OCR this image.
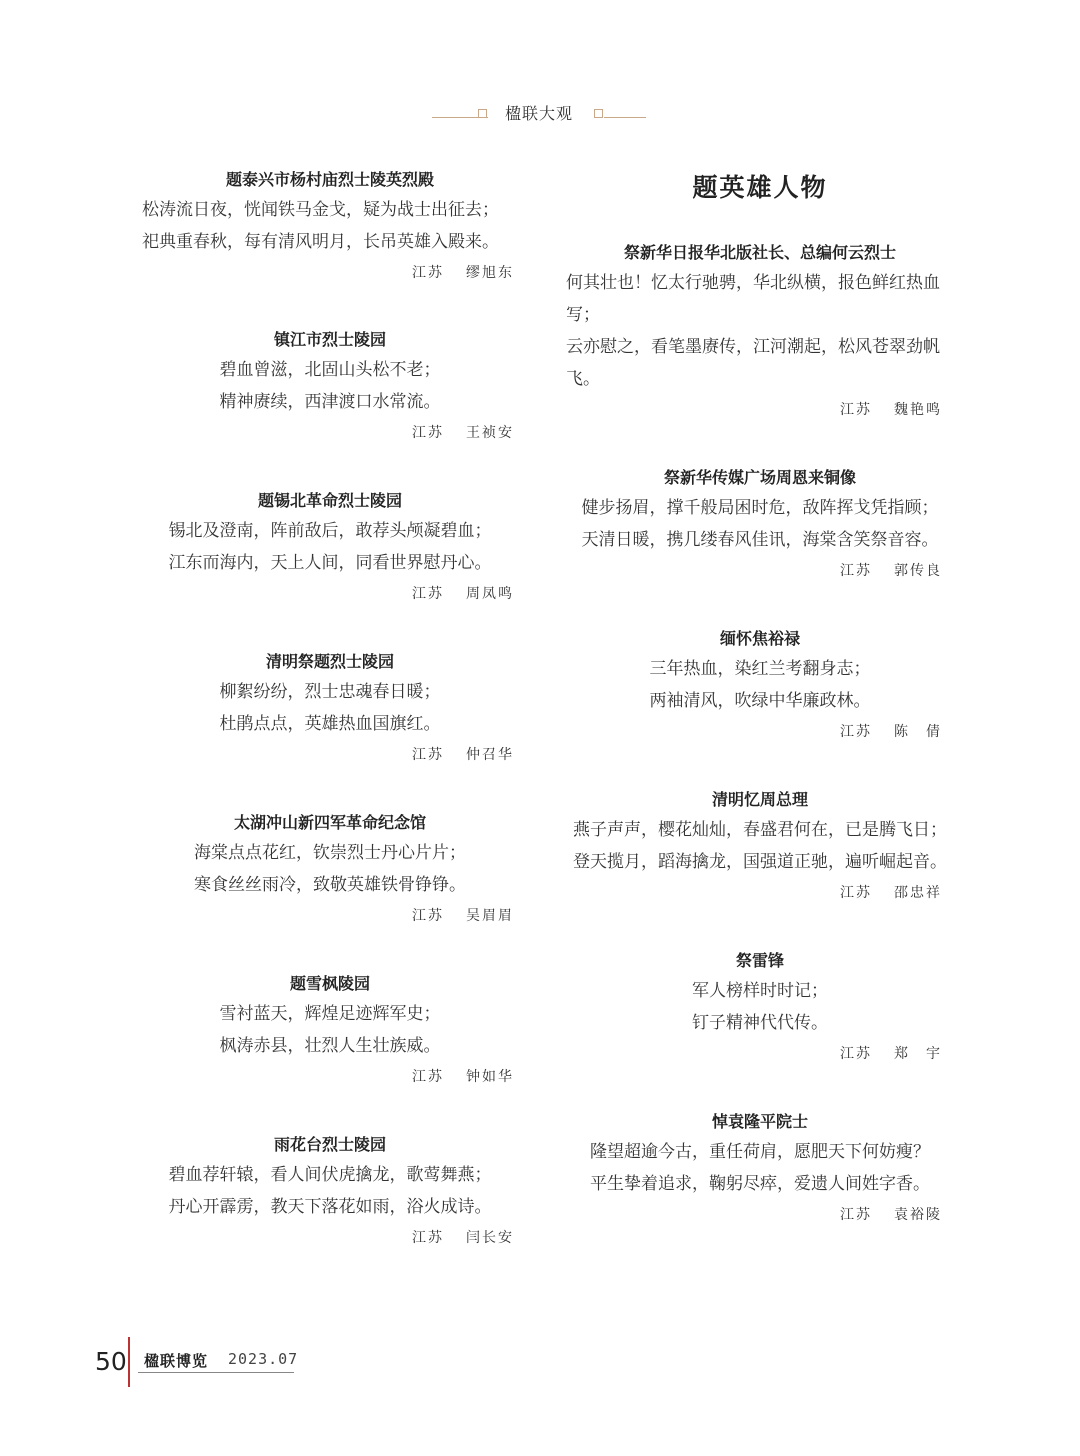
楹联大观
题泰兴市杨村庙烈士陵英烈殿
松涛流日夜，恍闻铁马金戈，疑为战士出征去；
祀典重春秋，每有清风明月，长吊英雄入殿来。
江苏 缪旭东
镇江市烈士陵园
碧血曾滋，北固山头松不老；
精神赓续，西津渡口水常流。
江苏 王祯安
题锡北革命烈士陵园
锡北及澄南，阵前敌后，敢荐头颅凝碧血；
江东而海内，天上人间，同看世界慰丹心。
江苏 周凤鸣
清明祭题烈士陵园
柳絮纷纷，烈士忠魂春日暖；
杜鹃点点，英雄热血国旗红。
江苏 仲召华
太湖冲山新四军革命纪念馆
海棠点点花红，钦崇烈士丹心片片；
寒食丝丝雨冷，致敬英雄铁骨铮铮。
江苏 吴眉眉
题雪枫陵园
雪衬蓝天，辉煌足迹辉军史；
枫涛赤县，壮烈人生壮族威。
江苏 钟如华
雨花台烈士陵园
碧血荐轩辕，看人间伏虎擒龙，歌莺舞燕；
丹心开霹雳，教天下落花如雨，浴火成诗。
江苏 闫长安
题英雄人物
祭新华日报华北版社长、总编何云烈士
何其壮也！忆太行驰骋，华北纵横，报色鲜红热血写；
云亦慰之，看笔墨赓传，江河潮起，松风苍翠劲帆飞。
江苏 魏艳鸣
祭新华传媒广场周恩来铜像
健步扬眉，撑千般局困时危，敌阵挥戈凭指顾；
天清日暖，携几缕春风佳讯，海棠含笑祭音容。
江苏 郭传良
缅怀焦裕禄
三年热血，染红兰考翻身志；
两袖清风，吹绿中华廉政林。
江苏 陈　倩
清明忆周总理
燕子声声，樱花灿灿，春盛君何在，已是腾飞日；
登天揽月，蹈海擒龙，国强道正驰，遍听崛起音。
江苏 邵忠祥
祭雷锋
军人榜样时时记；
钉子精神代代传。
江苏 郑　宇
悼袁隆平院士
隆望超逾今古，重任荷肩，愿肥天下何妨瘦？
平生挚着追求，鞠躬尽瘁，爱遗人间姓字香。
江苏 袁裕陵
50 楹联博览 2023.07
